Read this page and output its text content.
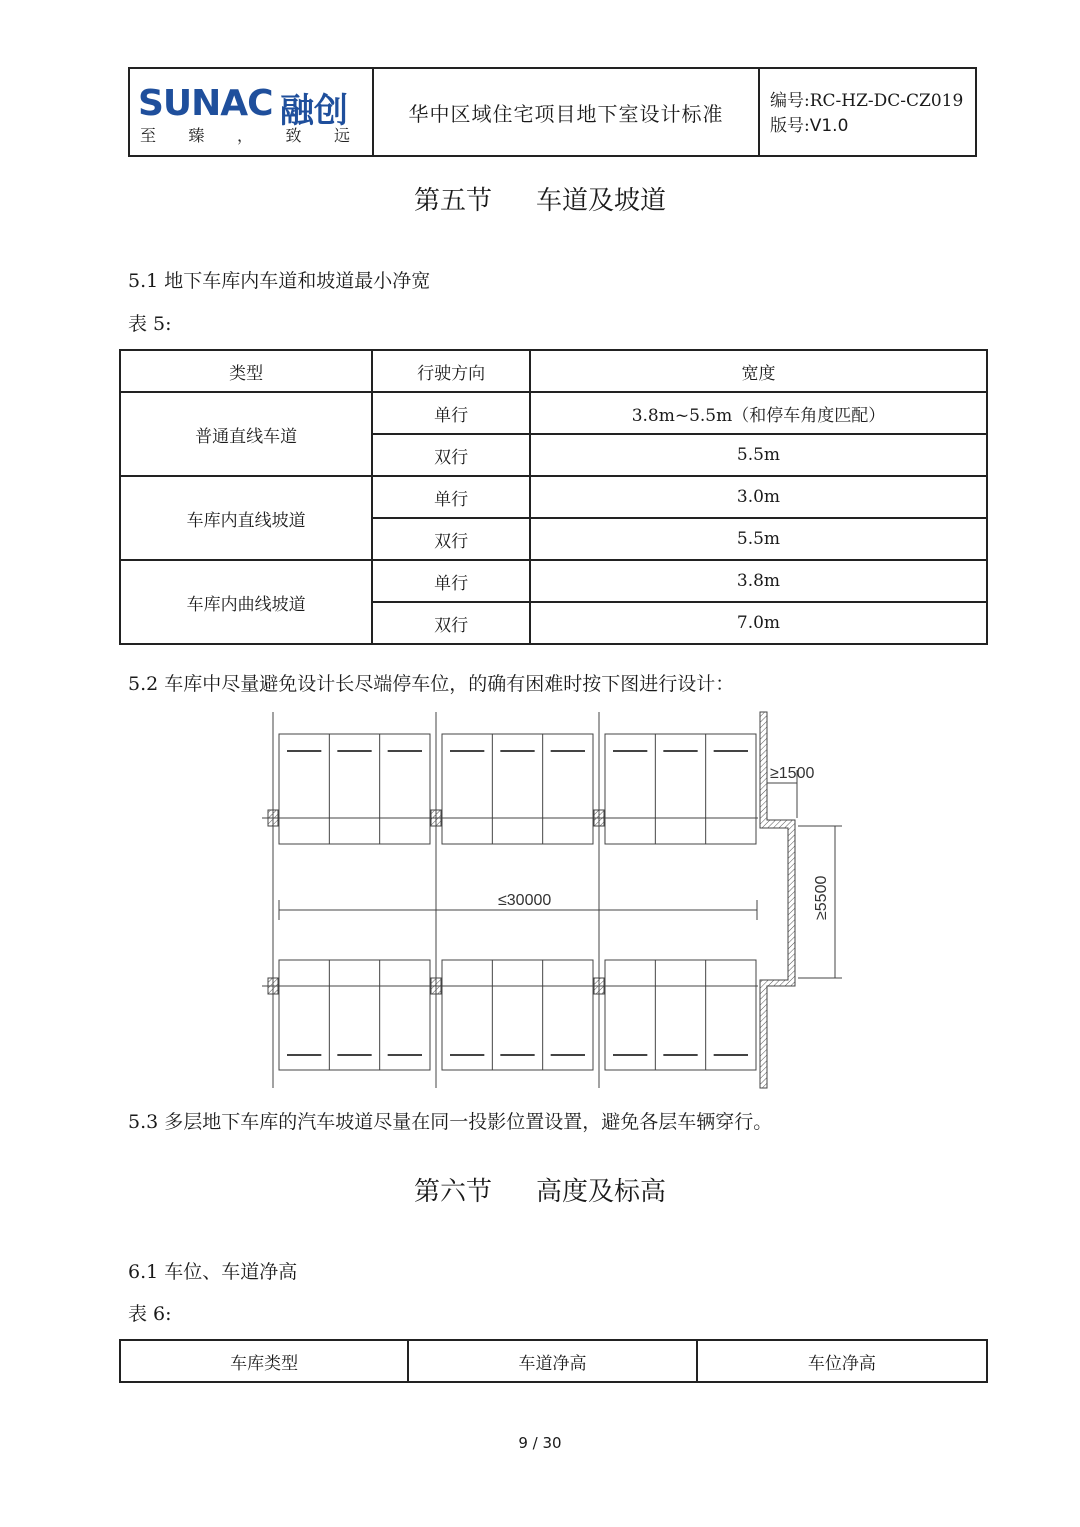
SUNAC 融创
至 臻 ， 致 远
华中区域住宅项目地下室设计标准
编号:RC-HZ-DC-CZ019
版号:V1.0
第五节 车道及坡道
5.1 地下车库内车道和坡道最小净宽
表 5:
类型	行驶方向	宽度
普通直线车道	单行	3.8m~5.5m（和停车角度匹配）
	双行	5.5m
车库内直线坡道	单行	3.0m
	双行	5.5m
车库内曲线坡道	单行	3.8m
	双行	7.0m
5.2 车库中尽量避免设计长尽端停车位，的确有困难时按下图进行设计：
≥1500
≤30000	≥5500
5.3 多层地下车库的汽车坡道尽量在同一投影位置设置，避免各层车辆穿行。
第六节 高度及标高
6.1 车位、车道净高
表 6:
车库类型	车道净高	车位净高
9 / 30
